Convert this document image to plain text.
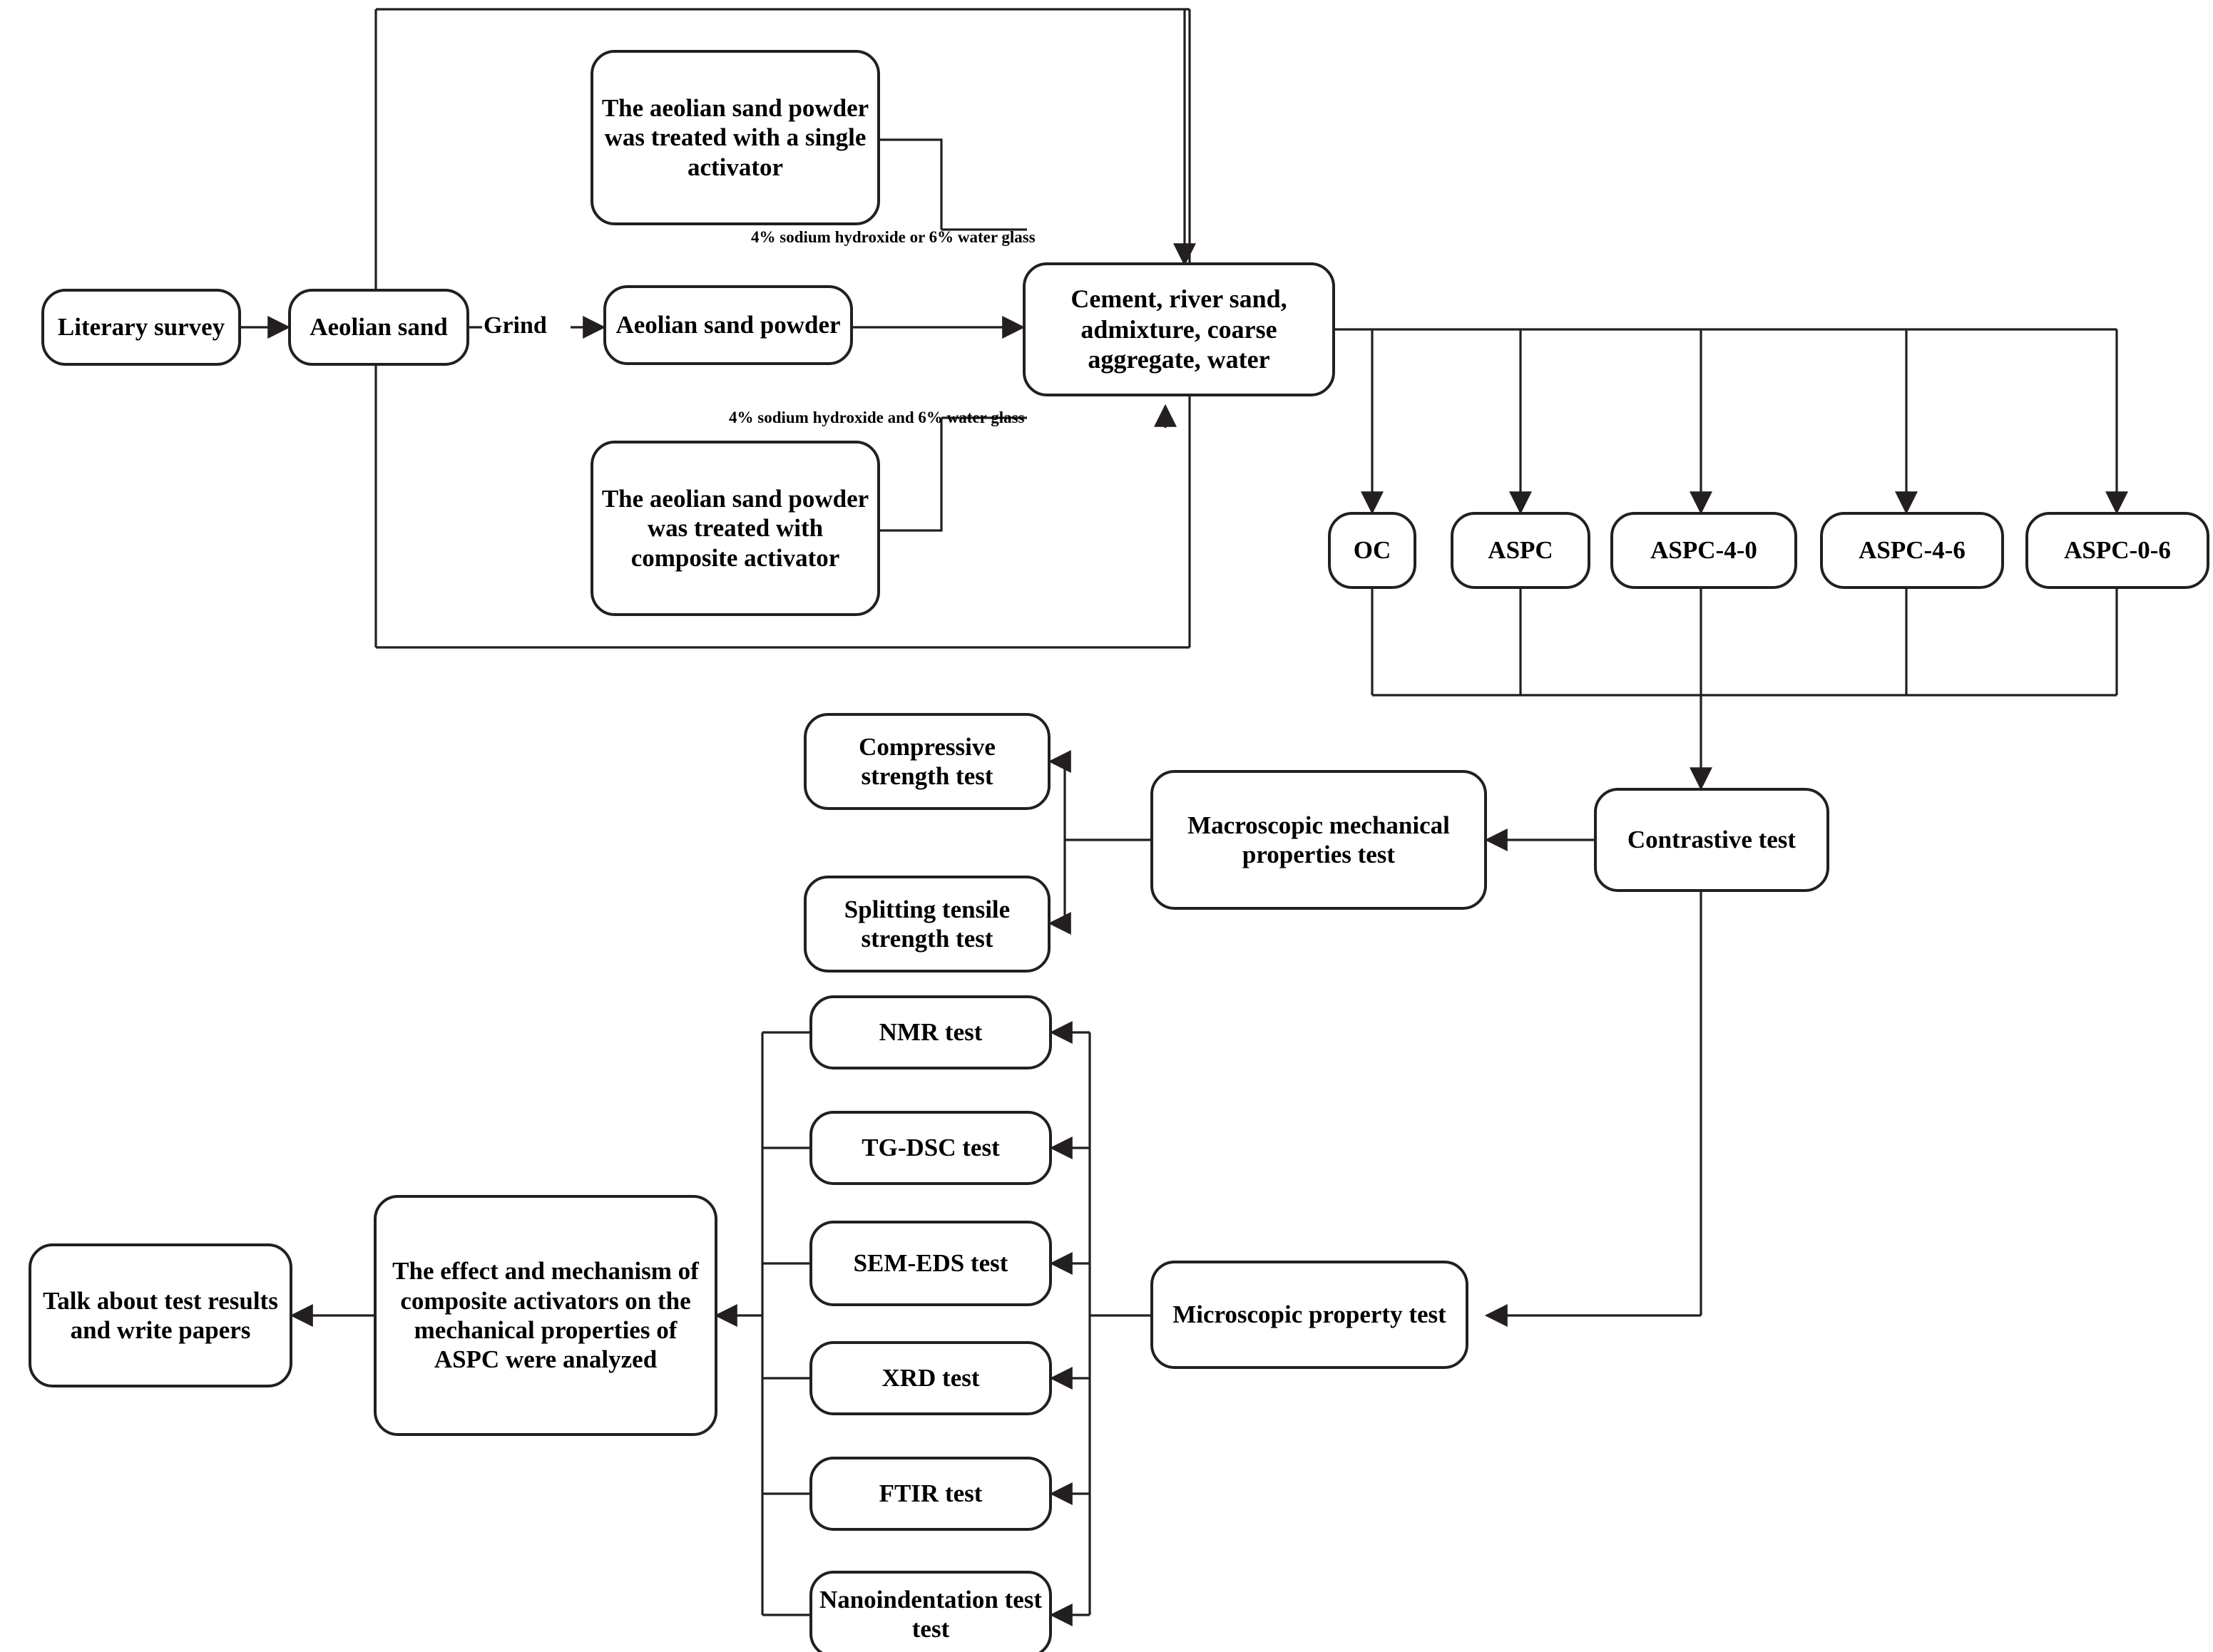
Literary survey	Aeolian sand	Grind	Aeolian sand powder
The aeolian sand powder was treated with a single activator
The aeolian sand powder was treated with composite activator
4% sodium hydroxide or 6% water glass
4% sodium hydroxide and 6% water glass
Cement, river sand, admixture, coarse aggregate, water
OC	ASPC	ASPC-4-0	ASPC-4-6	ASPC-0-6
Contrastive test
Macroscopic mechanical properties test
Compressive strength test
Splitting tensile strength test
Microscopic property test
NMR test
TG-DSC test
SEM-EDS test
XRD test
FTIR test
Nanoindentation test test
The effect and mechanism of composite activators on the mechanical properties of ASPC were analyzed
Talk about test results and write papers
